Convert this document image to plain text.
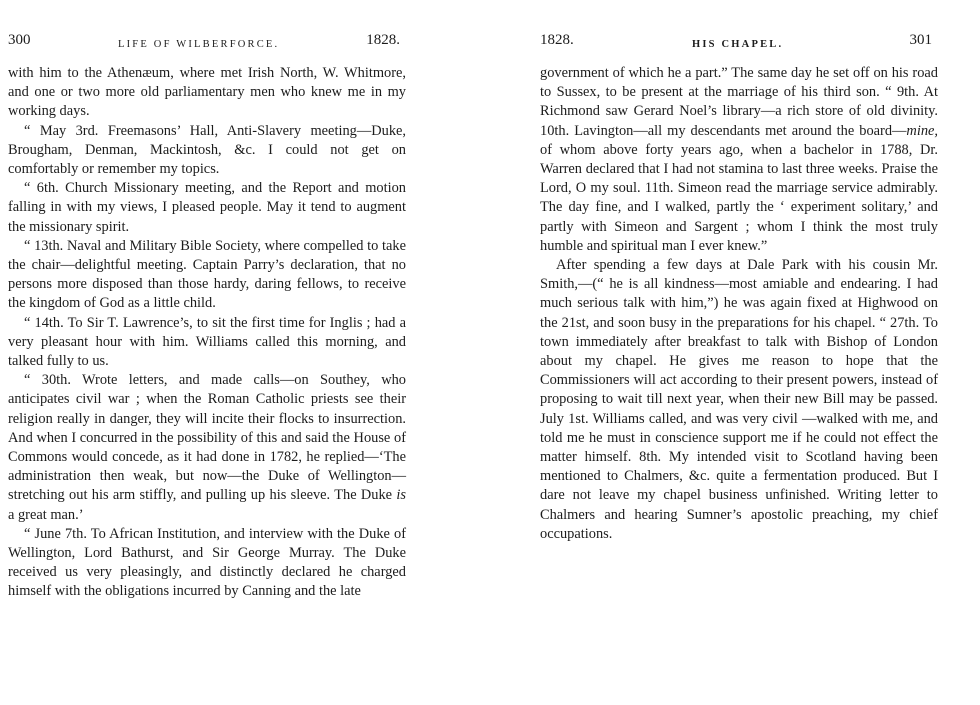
300	LIFE OF WILBERFORCE.	1828.

with him to the Athenæum, where met Irish North, W. Whitmore, and one or two more old parliamentary men who knew me in my working days.

“ May 3rd. Freemasons’ Hall, Anti-Slavery meeting—Duke, Brougham, Denman, Mackintosh, &c. I could not get on comfortably or remember my topics.

“ 6th. Church Missionary meeting, and the Report and motion falling in with my views, I pleased people. May it tend to augment the missionary spirit.

“ 13th. Naval and Military Bible Society, where compelled to take the chair—delightful meeting. Captain Parry’s declaration, that no persons more disposed than those hardy, daring fellows, to receive the kingdom of God as a little child.

“ 14th. To Sir T. Lawrence’s, to sit the first time for Inglis ; had a very pleasant hour with him. Williams called this morning, and talked fully to us.

“ 30th. Wrote letters, and made calls—on Southey, who anticipates civil war ; when the Roman Catholic priests see their religion really in danger, they will incite their flocks to insurrection. And when I concurred in the possibility of this and said the House of Commons would concede, as it had done in 1782, he replied—‘The administration then weak, but now—the Duke of Wellington—stretching out his arm stiffly, and pulling up his sleeve. The Duke is a great man.’

“ June 7th. To African Institution, and interview with the Duke of Wellington, Lord Bathurst, and Sir George Murray. The Duke received us very pleasingly, and distinctly declared he charged himself with the obligations incurred by Canning and the late

1828.	HIS CHAPEL.	301

government of which he a part.” The same day he set off on his road to Sussex, to be present at the marriage of his third son. “ 9th. At Richmond saw Gerard Noel’s library—a rich store of old divinity. 10th. Lavington—all my descendants met around the board—mine, of whom above forty years ago, when a bachelor in 1788, Dr. Warren declared that I had not stamina to last three weeks. Praise the Lord, O my soul. 11th. Simeon read the marriage service admirably. The day fine, and I walked, partly the ‘ experiment solitary,’ and partly with Simeon and Sargent ; whom I think the most truly humble and spiritual man I ever knew.”

After spending a few days at Dale Park with his cousin Mr. Smith,—(“ he is all kindness—most amiable and endearing. I had much serious talk with him,”) he was again fixed at Highwood on the 21st, and soon busy in the preparations for his chapel. “ 27th. To town immediately after breakfast to talk with Bishop of London about my chapel. He gives me reason to hope that the Commissioners will act according to their present powers, instead of proposing to wait till next year, when their new Bill may be passed. July 1st. Williams called, and was very civil —walked with me, and told me he must in conscience support me if he could not effect the matter himself. 8th. My intended visit to Scotland having been mentioned to Chalmers, &c. quite a fermentation produced. But I dare not leave my chapel business unfinished. Writing letter to Chalmers and hearing Sumner’s apostolic preaching, my chief occupations.
